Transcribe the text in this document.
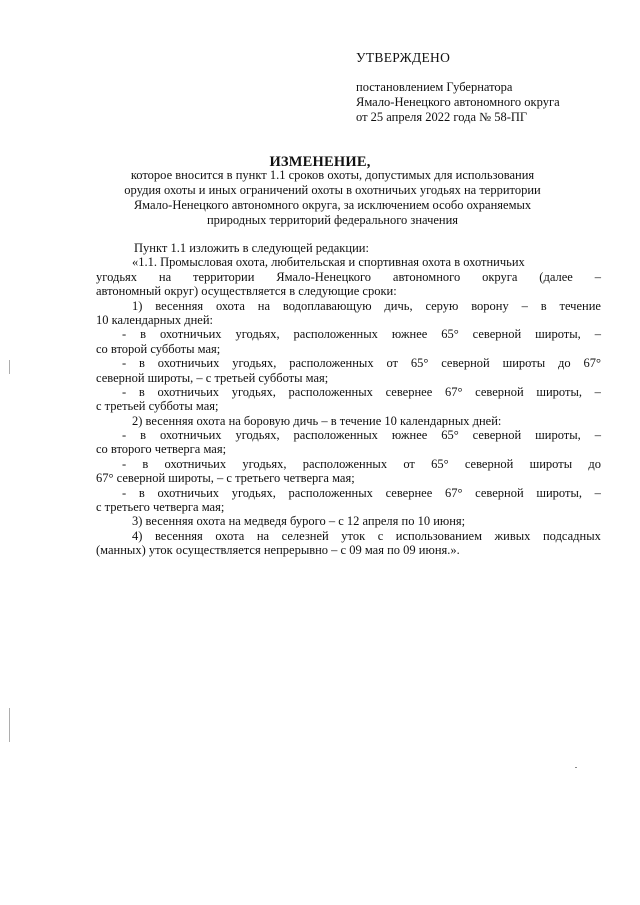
УТВЕРЖДЕНО
постановлением Губернатора
Ямало-Ненецкого автономного округа
от 25 апреля 2022 года № 58-ПГ
ИЗМЕНЕНИЕ,
которое вносится в пункт 1.1 сроков охоты, допустимых для использования
орудия охоты и иных ограничений охоты в охотничьих угодьях на территории
Ямало-Ненецкого автономного округа, за исключением особо охраняемых
природных территорий федерального значения
Пункт 1.1 изложить в следующей редакции:
«1.1. Промысловая охота, любительская и спортивная охота в охотничьих
угодьях на территории Ямало-Ненецкого автономного округа (далее –
автономный округ) осуществляется в следующие сроки:
1) весенняя охота на водоплавающую дичь, серую ворону – в течение
10 календарных дней:
- в охотничьих угодьях, расположенных южнее 65° северной широты, –
со второй субботы мая;
- в охотничьих угодьях, расположенных от 65° северной широты до 67°
северной широты, – с третьей субботы мая;
- в охотничьих угодьях, расположенных севернее 67° северной широты, –
с третьей субботы мая;
2) весенняя охота на боровую дичь – в течение 10 календарных дней:
- в охотничьих угодьях, расположенных южнее 65° северной широты, –
со второго четверга мая;
- в охотничьих угодьях, расположенных от 65° северной широты до
67° северной широты, – с третьего четверга мая;
- в охотничьих угодьях, расположенных севернее 67° северной широты, –
с третьего четверга мая;
3) весенняя охота на медведя бурого – с 12 апреля по 10 июня;
4) весенняя охота на селезней уток с использованием живых подсадных
(манных) уток осуществляется непрерывно – с 09 мая по 09 июня.».
